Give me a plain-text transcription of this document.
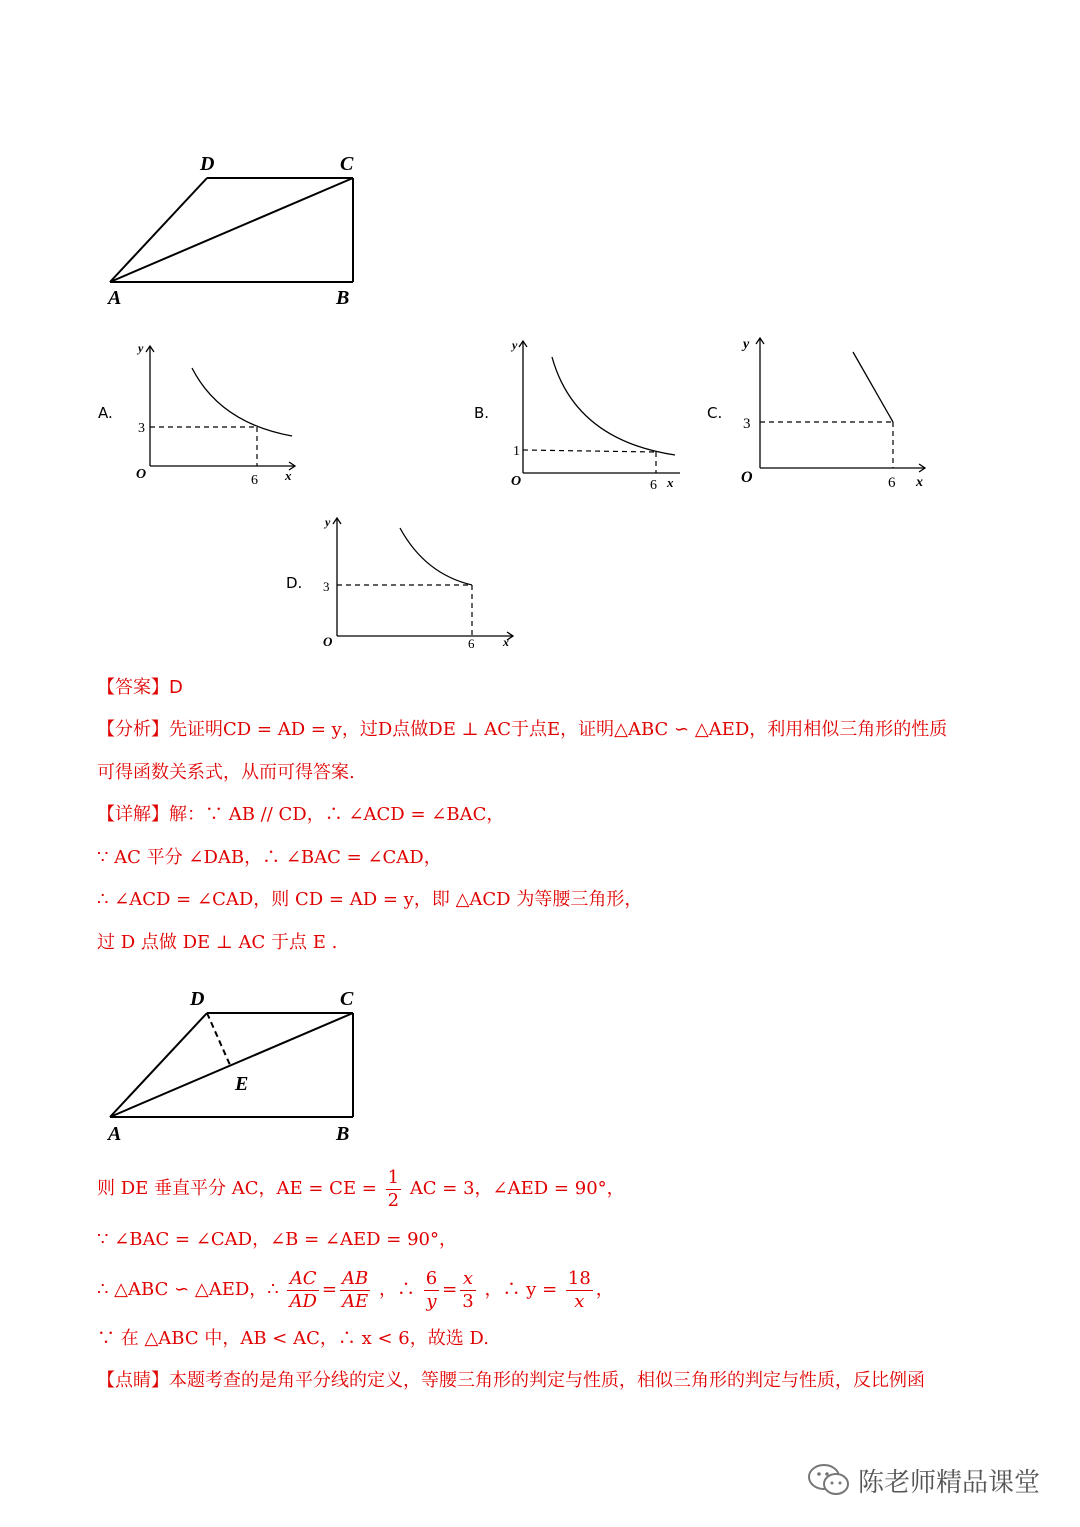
D	C
A	B
A.
y
3
O	6 x
B.
y
1
O	6 x
C.
y
3
O	6 x
D.
y
3
O	6 x
【答案】D
【分析】先证明CD = AD = y，过D点做DE ⊥ AC于点E，证明△ABC ∽ △AED，利用相似三角形的性质
可得函数关系式，从而可得答案.
【详解】解：∵ AB // CD，∴ ∠ACD = ∠BAC，
∵ AC 平分 ∠DAB，∴ ∠BAC = ∠CAD，
∴ ∠ACD = ∠CAD，则 CD = AD = y，即 △ACD 为等腰三角形，
过 D 点做 DE ⊥ AC 于点 E .
D	C
E
A	B
则 DE 垂直平分 AC，AE = CE = $\frac{1}{2}$ AC = 3，∠AED = 90°，
∵ ∠BAC = ∠CAD，∠B = ∠AED = 90°，
∴ △ABC ∽ △AED，∴ $\frac{AC}{AD} = \frac{AB}{AE}$ ，∴ $\frac{6}{y} = \frac{x}{3}$ ，∴ $y = \frac{18}{x}$ ，
∵ 在 △ABC 中，AB < AC，∴ x < 6，故选 D.
【点睛】本题考查的是角平分线的定义，等腰三角形的判定与性质，相似三角形的判定与性质，反比例函
陈老师精品课堂
